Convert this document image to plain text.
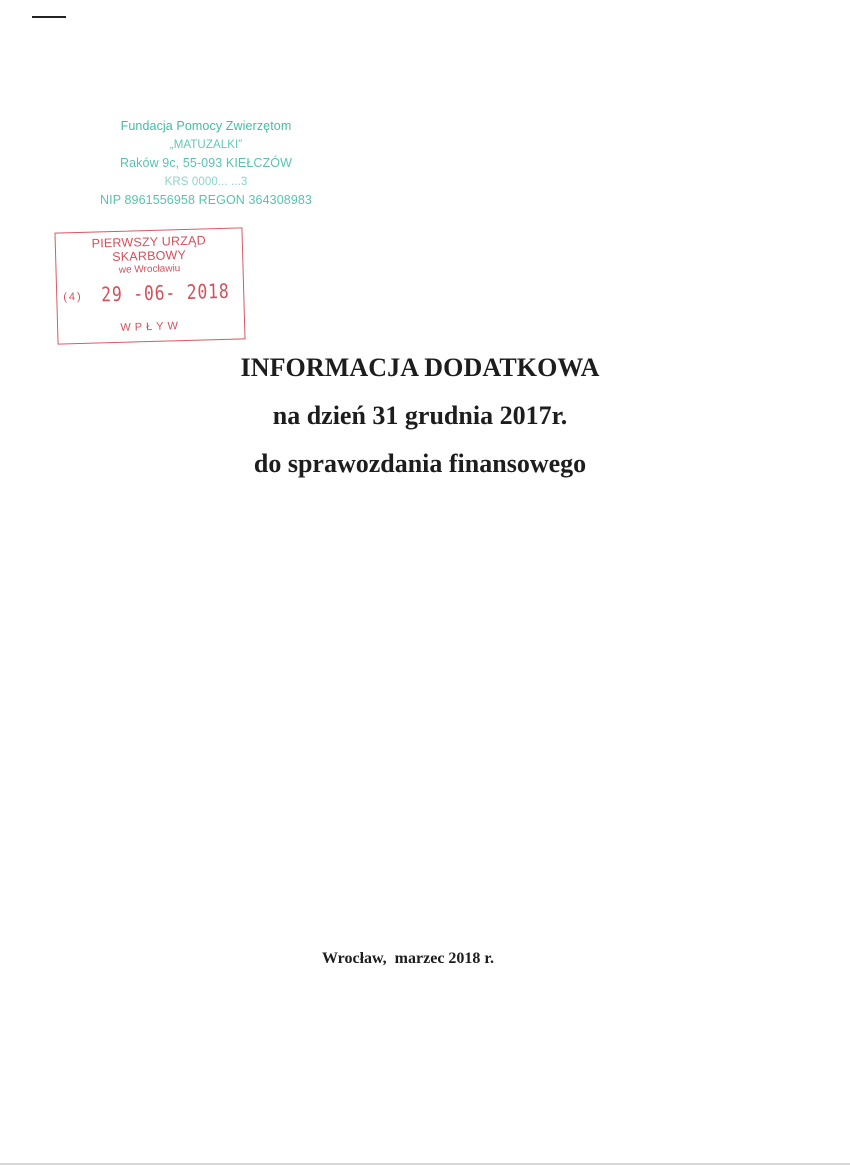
Fundacja Pomocy Zwierzętom
„MATUZALKI”
Raków 9c, 55-093 KIEŁCZÓW
KRS 0000... ...3
NIP 8961556958 REGON 364308983
PIERWSZY URZĄD SKARBOWY
we Wrocławiu
(4) 29 -06- 2018
WPŁYW
INFORMACJA DODATKOWA
na dzień 31 grudnia 2017r.
do sprawozdania finansowego
Wrocław,  marzec 2018 r.
